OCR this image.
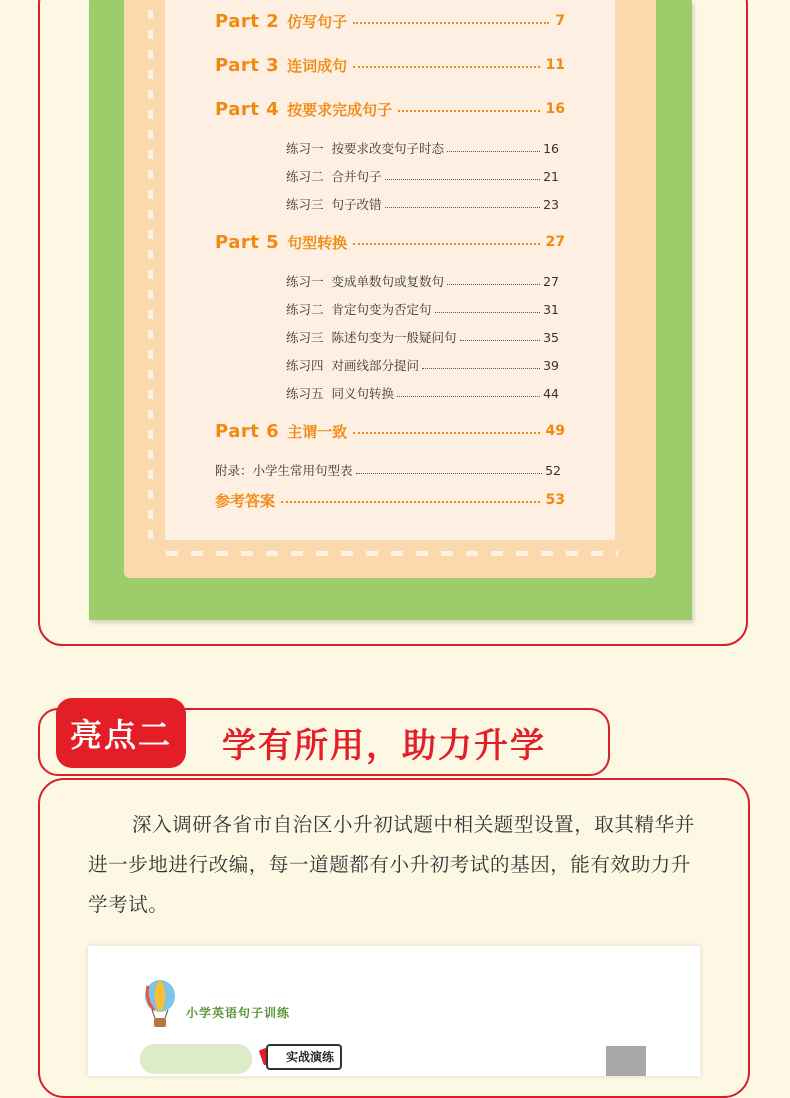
Part 2 仿写句子	7
Part 3 连词成句	11
Part 4 按要求完成句子	16
练习一 按要求改变句子时态	16
练习二 合并句子	21
练习三 句子改错	23
Part 5 句型转换	27
练习一 变成单数句或复数句	27
练习二 肯定句变为否定句	31
练习三 陈述句变为一般疑问句	35
练习四 对画线部分提问	39
练习五 同义句转换	44
Part 6 主谓一致	49
附录：小学生常用句型表	52
参考答案	53
亮点二	学有所用，助力升学
深入调研各省市自治区小升初试题中相关题型设置，取其精华并进一步地进行改编，每一道题都有小升初考试的基因，能有效助力升学考试。
小学英语句子训练
实战演练
